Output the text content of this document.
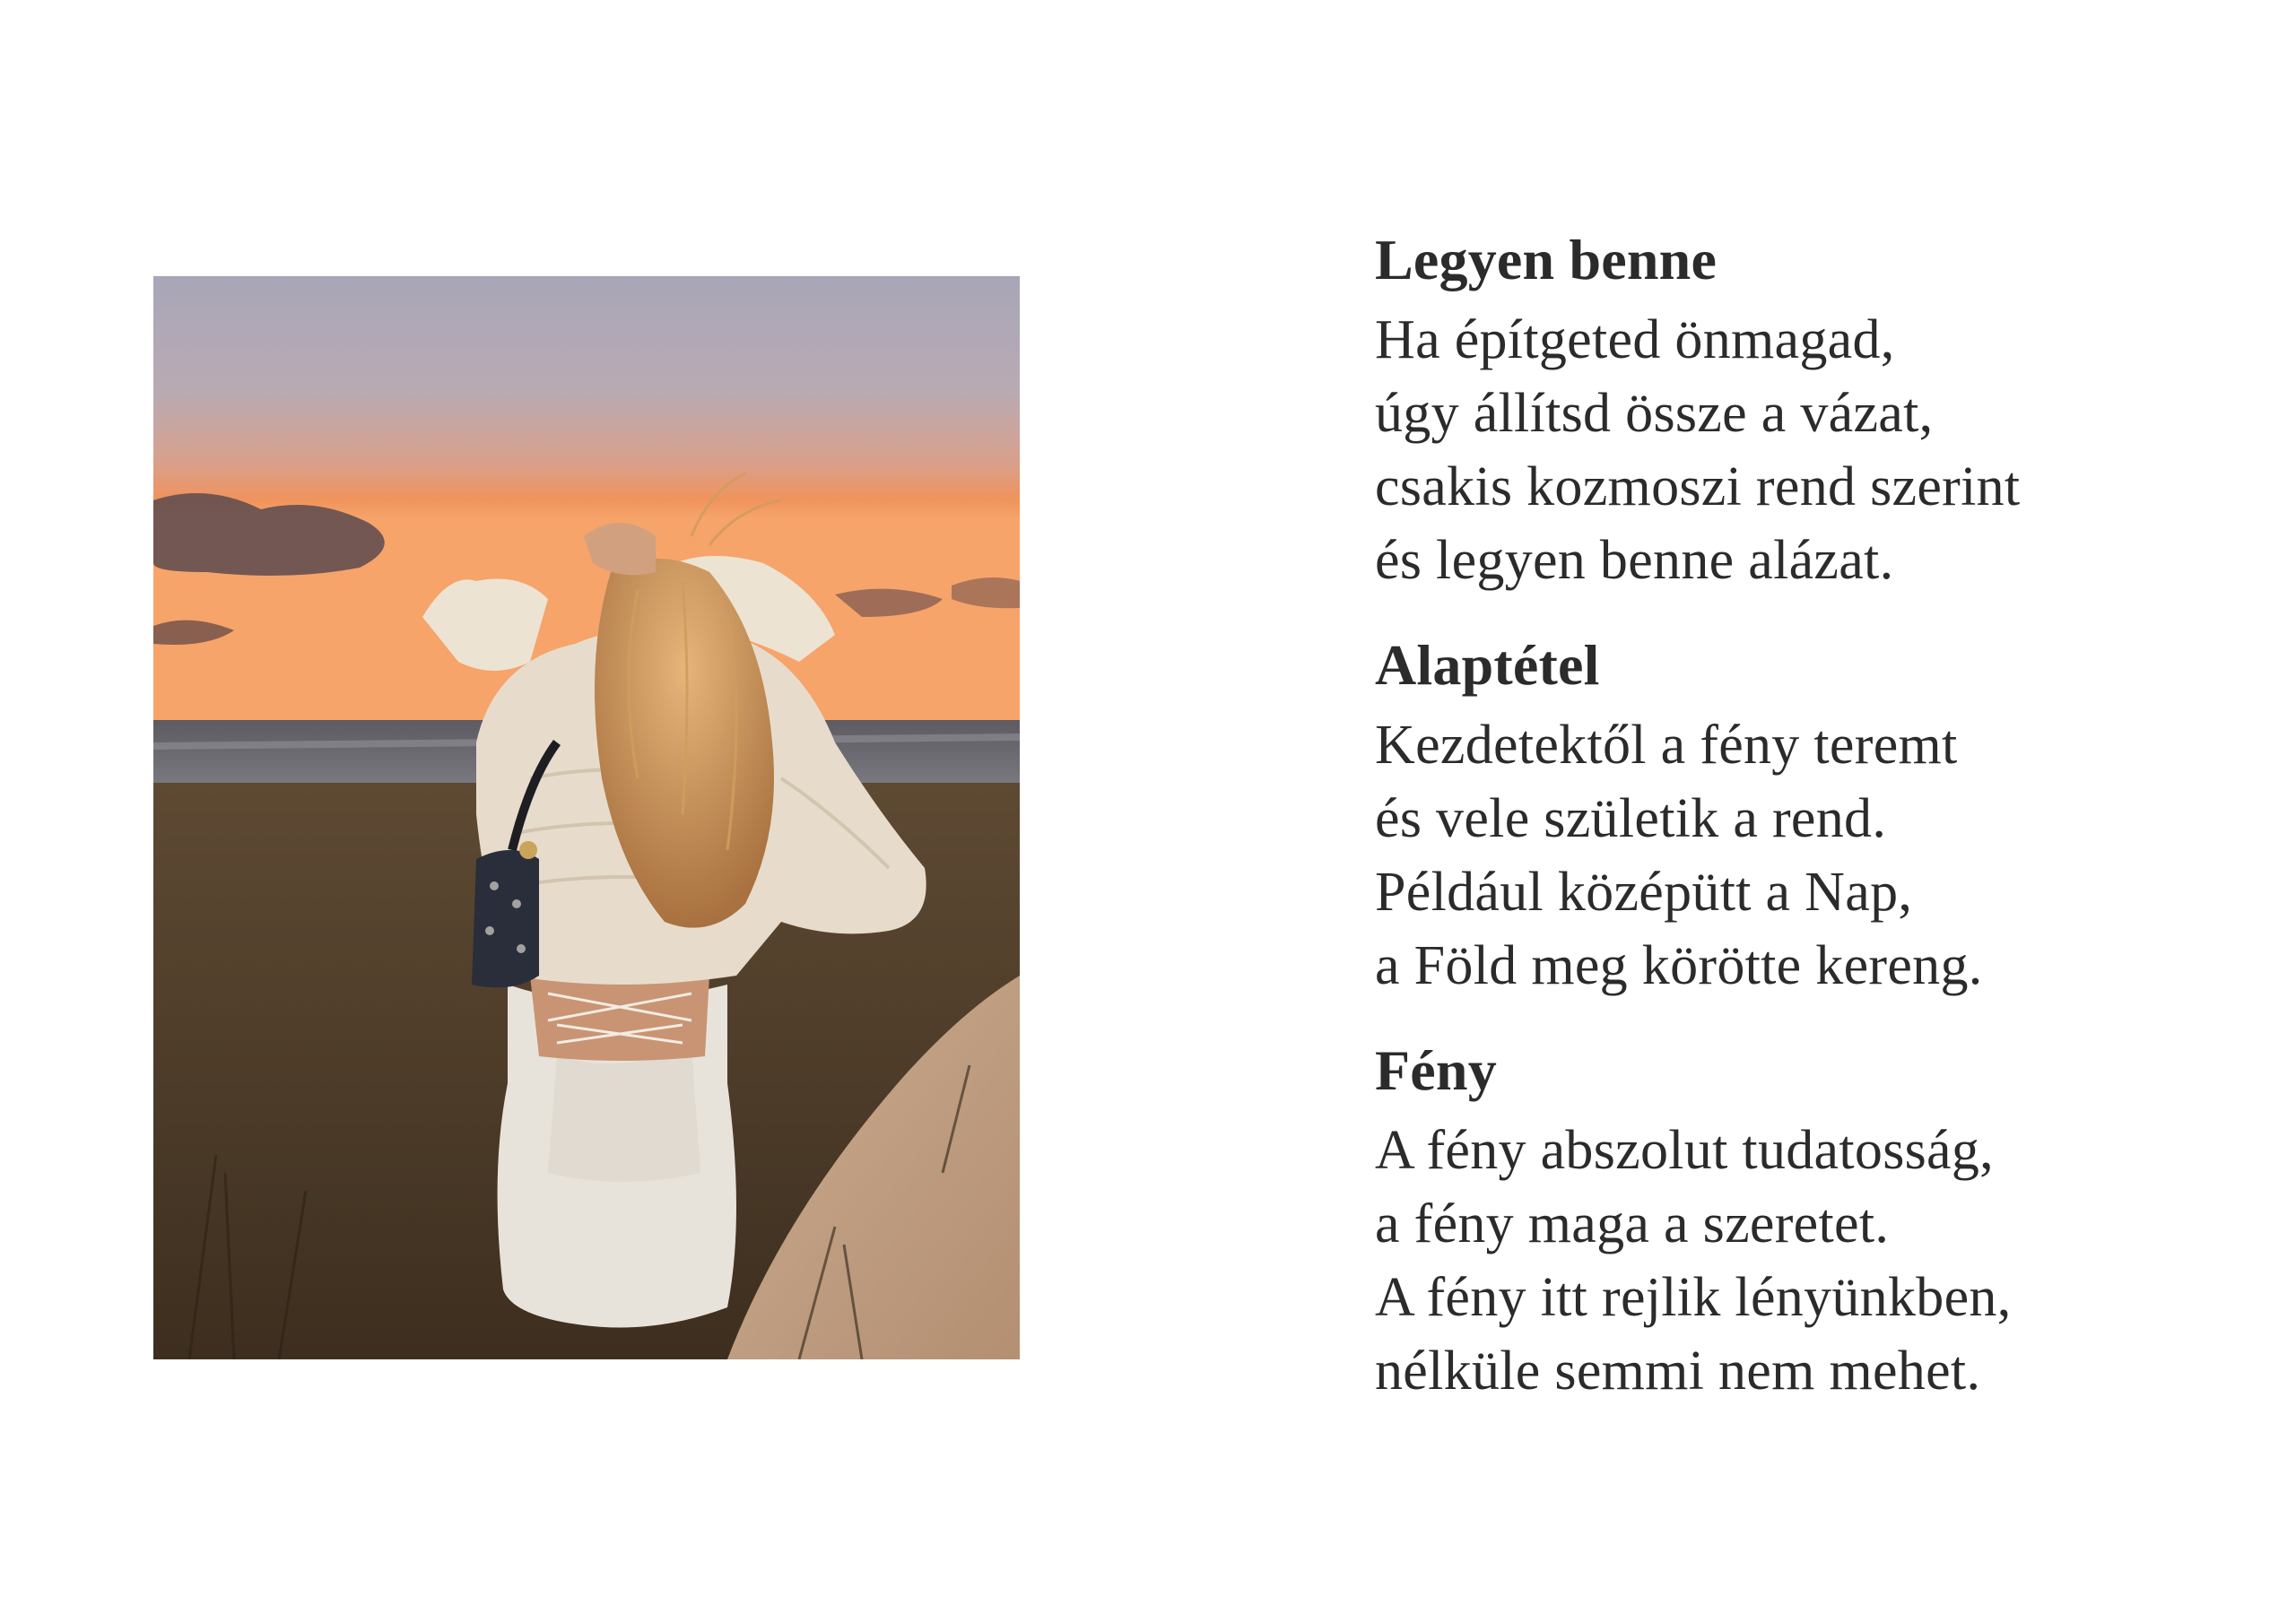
Legyen benne
Ha építgeted önmagad,
úgy állítsd össze a vázat,
csakis kozmoszi rend szerint
és legyen benne alázat.
Alaptétel
Kezdetektől a fény teremt
és vele születik a rend.
Például középütt a Nap,
a Föld meg körötte kereng.
Fény
A fény abszolut tudatosság,
a fény maga a szeretet.
A fény itt rejlik lényünkben,
nélküle semmi nem mehet.
